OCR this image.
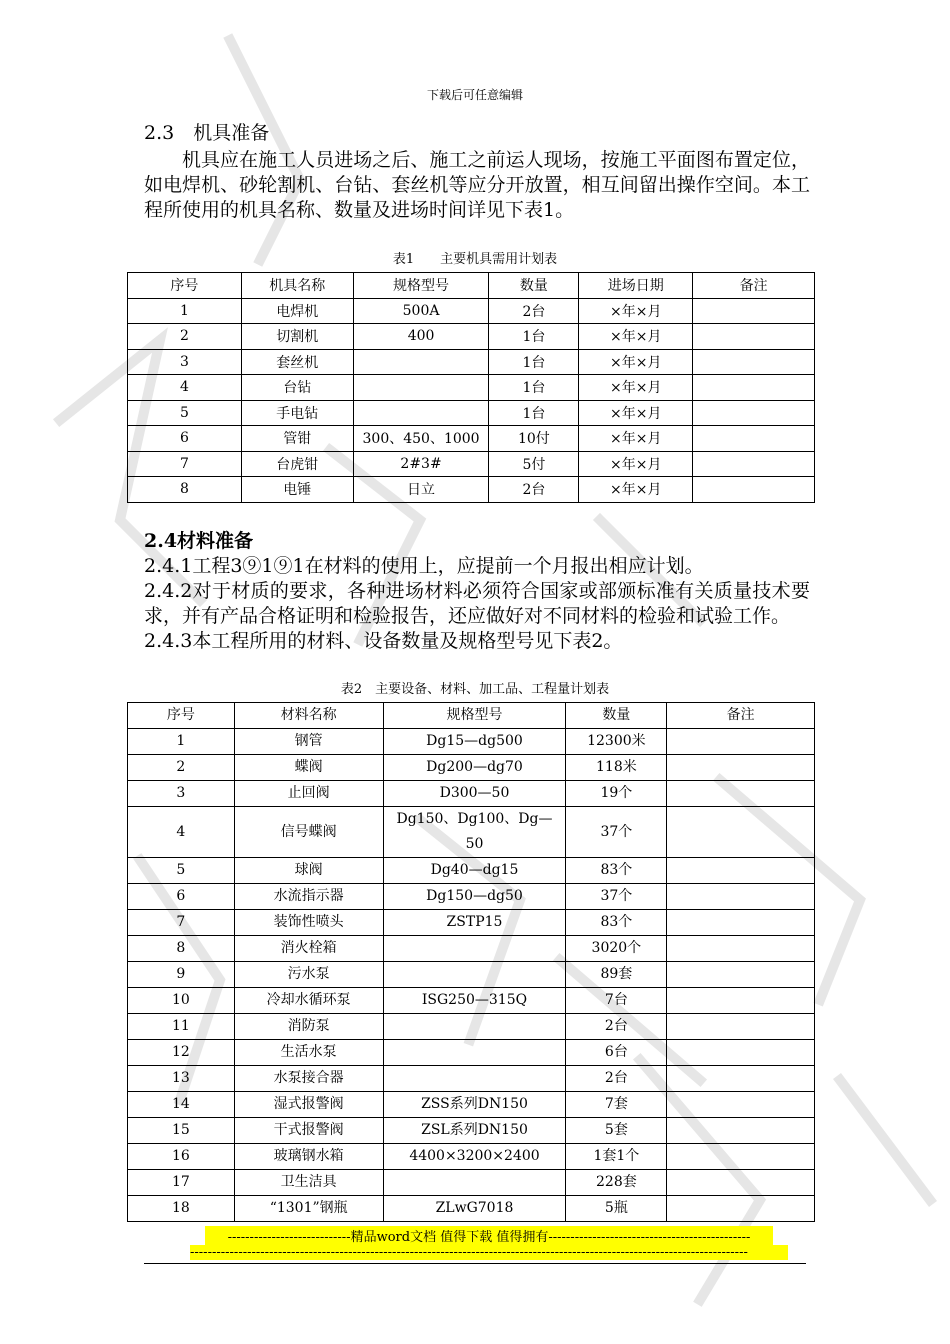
下载后可任意编辑

2.3　机具准备

机具应在施工人员进场之后、施工之前运人现场，按施工平面图布置定位，如电焊机、砂轮割机、台钻、套丝机等应分开放置，相互间留出操作空间。本工程所使用的机具名称、数量及进场时间详见下表1。

表1　　主要机具需用计划表

序号	机具名称	规格型号	数量	进场日期	备注
1	电焊机	500A	2台	×年×月	
2	切割机	400	1台	×年×月	
3	套丝机		1台	×年×月	
4	台钻		1台	×年×月	
5	手电钻		1台	×年×月	
6	管钳	300、450、1000	10付	×年×月	
7	台虎钳	2#3#	5付	×年×月	
8	电锤	日立	2台	×年×月	

2.4材料准备

2.4.1工程3⑨1⑨1在材料的使用上，应提前一个月报出相应计划。

2.4.2对于材质的要求，各种进场材料必须符合国家或部颁标准有关质量技术要求，并有产品合格证明和检验报告，还应做好对不同材料的检验和试验工作。

2.4.3本工程所用的材料、设备数量及规格型号见下表2。

表2　主要设备、材料、加工品、工程量计划表

序号	材料名称	规格型号	数量	备注
1	钢管	Dg15—dg500	12300米	
2	蝶阀	Dg200—dg70	118米	
3	止回阀	D300—50	19个	
4	信号蝶阀	Dg150、Dg100、Dg—50	37个	
5	球阀	Dg40—dg15	83个	
6	水流指示器	Dg150—dg50	37个	
7	装饰性喷头	ZSTP15	83个	
8	消火栓箱		3020个	
9	污水泵		89套	
10	冷却水循环泵	ISG250—315Q	7台	
11	消防泵		2台	
12	生活水泵		6台	
13	水泵接合器		2台	
14	湿式报警阀	ZSS系列DN150	7套	
15	干式报警阀	ZSL系列DN150	5套	
16	玻璃钢水箱	4400×3200×2400	1套1个	
17	卫生洁具		228套	
18	“1301”钢瓶	ZLwG7018	5瓶	
----------------------------精品word文档 值得下载 值得拥有----------------------------------------------
-------------------------------------------------------------------------------------------------------------------------------
